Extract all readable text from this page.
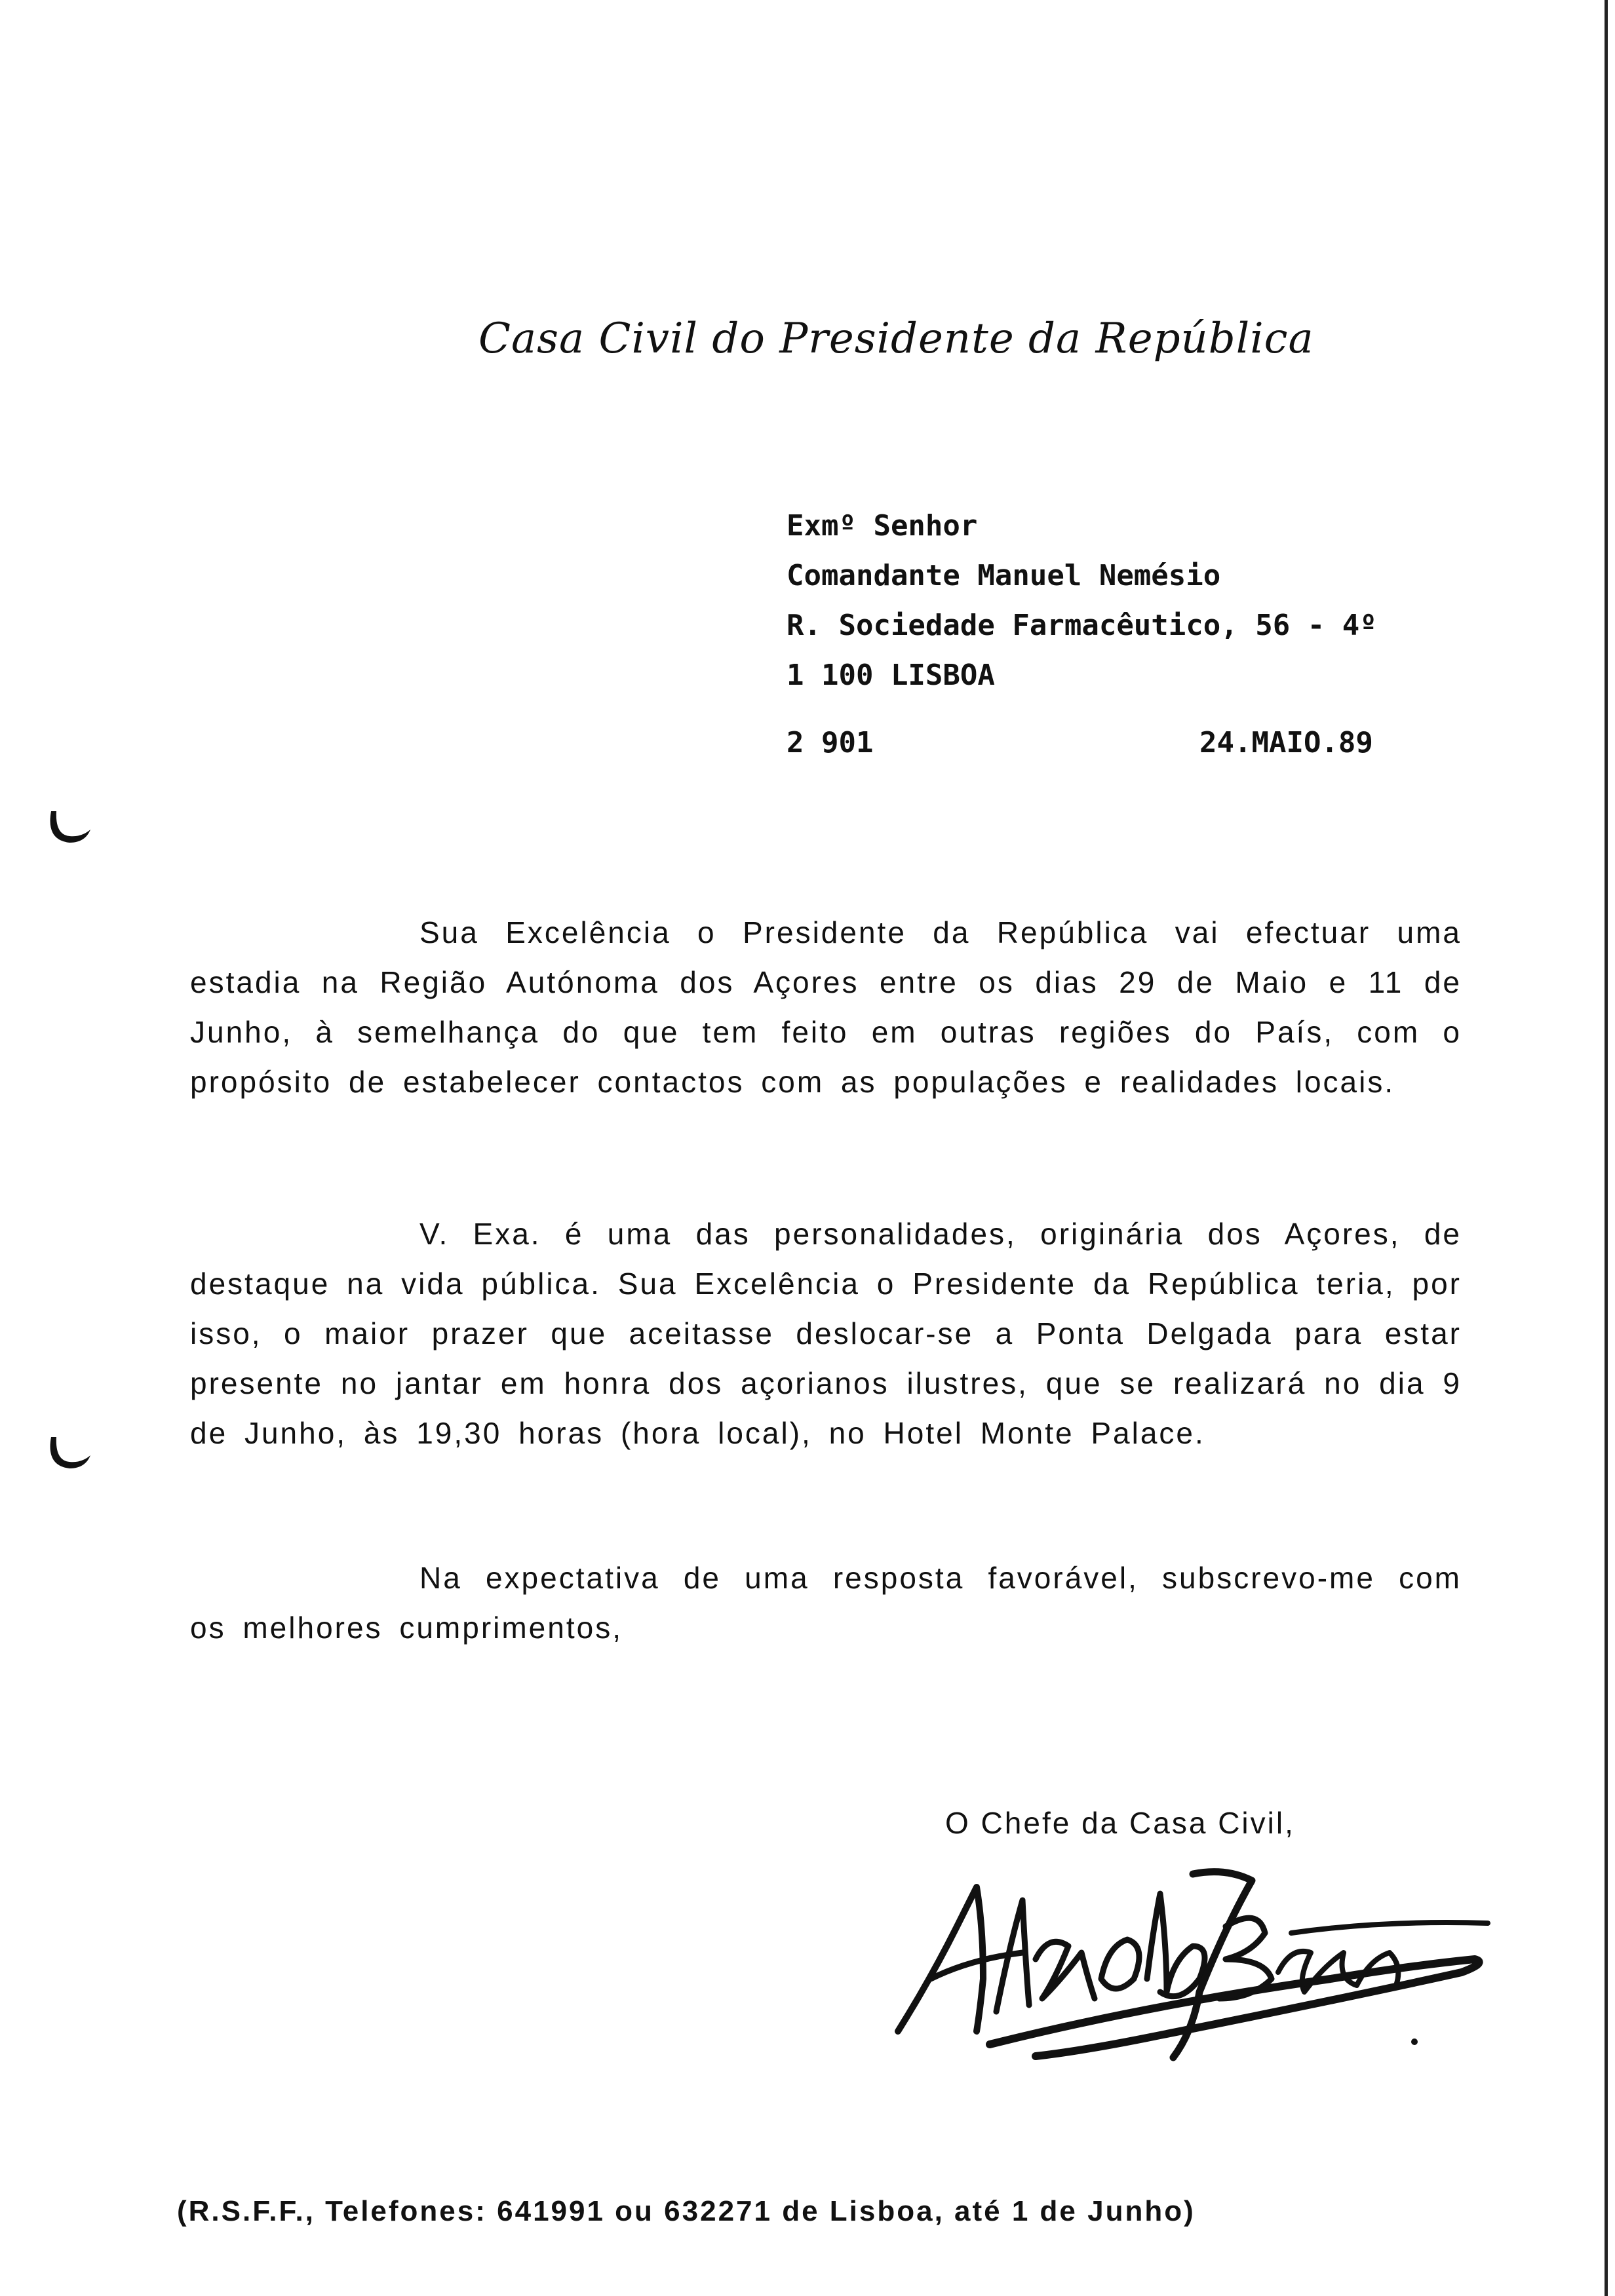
Casa Civil do Presidente da República
Exmº Senhor
Comandante Manuel Nemésio
R. Sociedade Farmacêutico, 56 - 4º
1 100 LISBOA
2 901	24.MAIO.89

Sua Excelência o Presidente da República vai efectuar uma estadia na Região Autónoma dos Açores entre os dias 29 de Maio e 11 de Junho, à semelhança do que tem feito em outras regiões do País, com o propósito de estabelecer contactos com as populações e realidades locais.

V. Exa. é uma das personalidades, originária dos Açores, de destaque na vida pública. Sua Excelência o Presidente da República teria, por isso, o maior prazer que aceitasse deslocar-se a Ponta Delgada para estar presente no jantar em honra dos açorianos ilustres, que se realizará no dia 9 de Junho, às 19,30 horas (hora local), no Hotel Monte Palace.

Na expectativa de uma resposta favorável, subscrevo-me com os melhores cumprimentos,

O Chefe da Casa Civil,
(R.S.F.F., Telefones: 641991 ou 632271 de Lisboa, até 1 de Junho)
